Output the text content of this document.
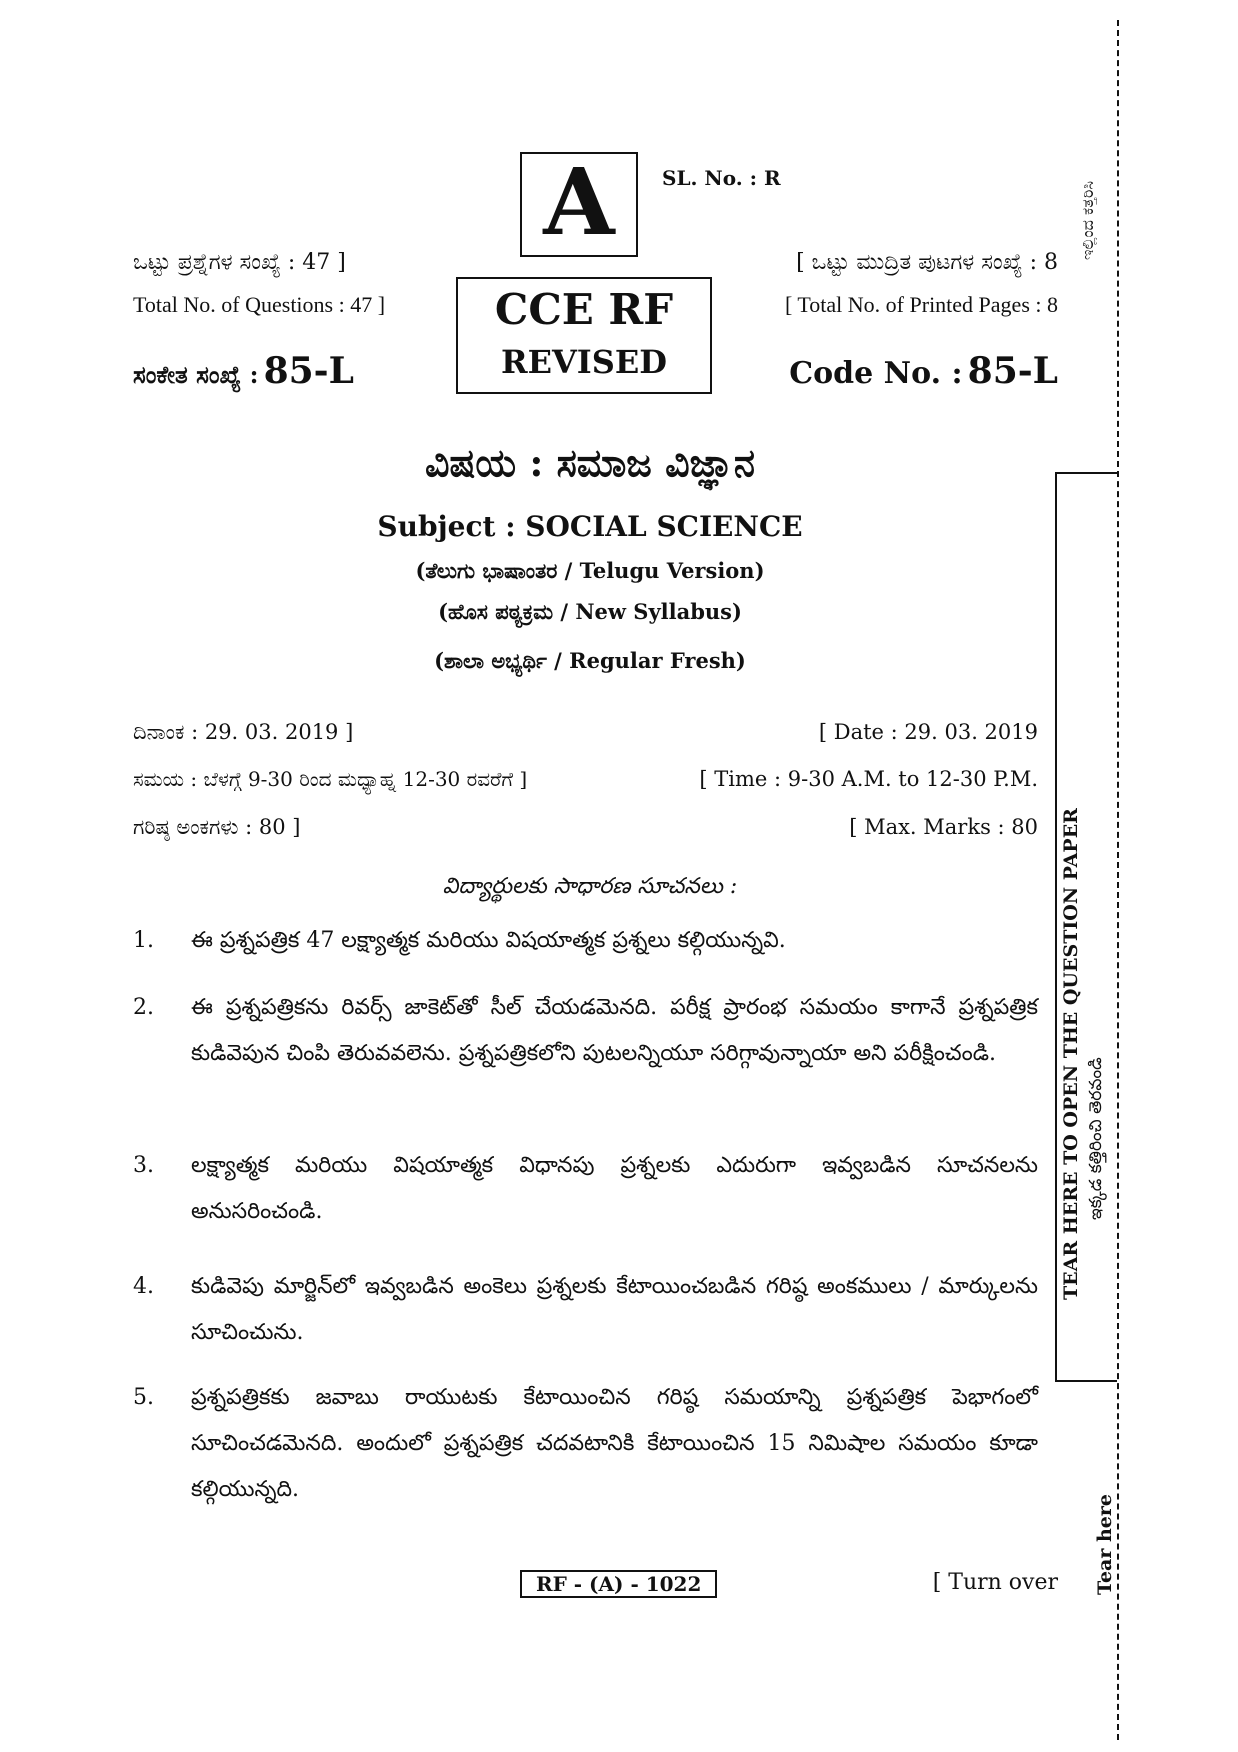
A	SL. No. : R
ಒಟ್ಟು ಪ್ರಶ್ನೆಗಳ ಸಂಖ್ಯೆ : 47 ]
Total No. of Questions : 47 ]
[ ಒಟ್ಟು ಮುದ್ರಿತ ಪುಟಗಳ ಸಂಖ್ಯೆ : 8
[ Total No. of Printed Pages : 8
CCE RF
REVISED
ಸಂಕೇತ ಸಂಖ್ಯೆ : 85-L	Code No. : 85-L
ವಿಷಯ : ಸಮಾಜ ವಿಜ್ಞಾನ
Subject : SOCIAL SCIENCE
(ತೆಲುಗು ಭಾಷಾಂತರ / Telugu Version)
(ಹೊಸ ಪಠ್ಯಕ್ರಮ / New Syllabus)
(ಶಾಲಾ ಅಭ್ಯರ್ಥಿ / Regular Fresh)
ದಿನಾಂಕ : 29. 03. 2019 ]	[ Date : 29. 03. 2019
ಸಮಯ : ಬೆಳಗ್ಗೆ 9-30 ರಿಂದ ಮಧ್ಯಾಹ್ನ 12-30 ರವರೆಗೆ ]	[ Time : 9-30 A.M. to 12-30 P.M.
ಗರಿಷ್ಠ ಅಂಕಗಳು : 80 ]	[ Max. Marks : 80
విద్యార్థులకు సాధారణ సూచనలు :
1. ఈ ప్రశ్నపత్రిక 47 లక్ష్యాత్మక మరియు విషయాత్మక ప్రశ్నలు కల్గియున్నవి.
2. ఈ ప్రశ్నపత్రికను రివర్స్ జాకెట్‌తో సీల్ చేయడమెనది. పరీక్ష ప్రారంభ సమయం కాగానే ప్రశ్నపత్రిక కుడివెపున చింపి తెరువవలెను. ప్రశ్నపత్రికలోని పుటలన్నియూ సరిగ్గావున్నాయా అని పరీక్షించండి.
3. లక్ష్యాత్మక మరియు విషయాత్మక విధానపు ప్రశ్నలకు ఎదురుగా ఇవ్వబడిన సూచనలను అనుసరించండి.
4. కుడివెపు మార్జిన్‌లో ఇవ్వబడిన అంకెలు ప్రశ్నలకు కేటాయించబడిన గరిష్ఠ అంకములు / మార్కులను సూచించును.
5. ప్రశ్నపత్రికకు జవాబు రాయుటకు కేటాయించిన గరిష్ఠ సమయాన్ని ప్రశ్నపత్రిక పెభాగంలో సూచించడమెనది. అందులో ప్రశ్నపత్రిక చదవటానికి కేటాయించిన 15 నిమిషాల సమయం కూడా కల్గియున్నది.
RF - (A) - 1022	[ Turn over
ಇಲ್ಲಿಂದ ಕತ್ತರಿಸಿ
TEAR HERE TO OPEN THE QUESTION PAPER ఇక్కడ కత్తిరించి తెరవండి
Tear here
